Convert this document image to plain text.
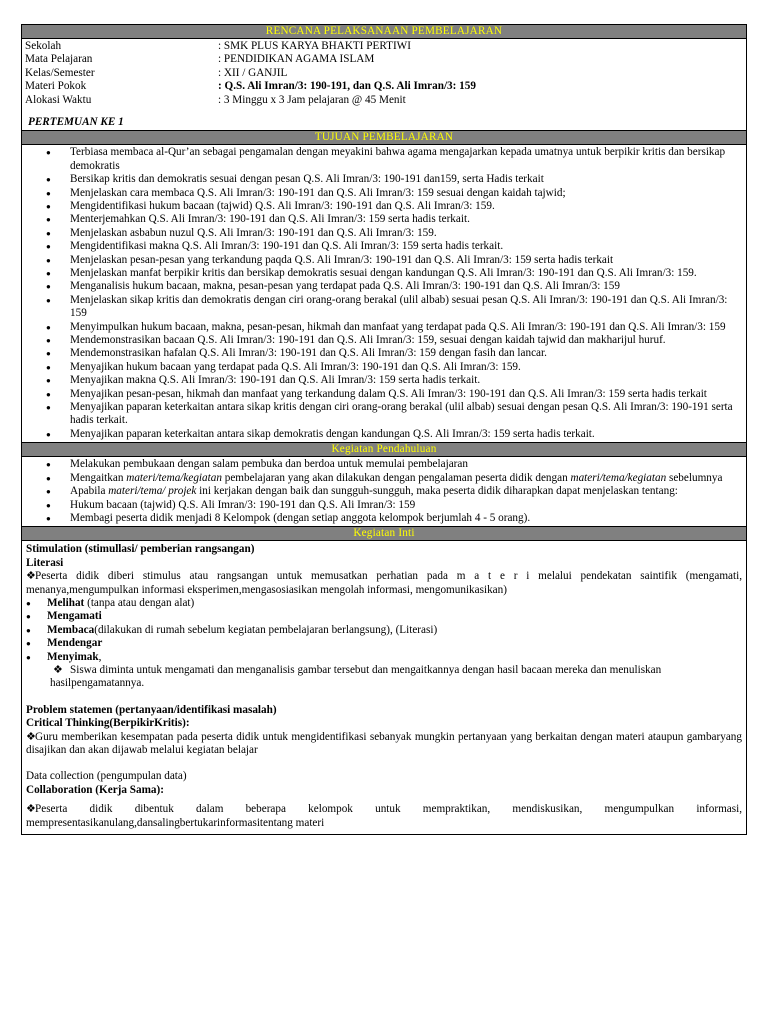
RENCANA PELAKSANAAN PEMBELAJARAN
Sekolah	: SMK PLUS KARYA BHAKTI PERTIWI
Mata Pelajaran	: PENDIDIKAN AGAMA ISLAM
Kelas/Semester	: XII / GANJIL
Materi Pokok	: Q.S. Ali Imran/3: 190-191, dan Q.S. Ali Imran/3: 159
Alokasi Waktu	: 3 Minggu x 3 Jam pelajaran @ 45 Menit
PERTEMUAN KE 1
TUJUAN PEMBELAJARAN
● Terbiasa membaca al-Qur’an sebagai pengamalan dengan meyakini bahwa agama mengajarkan kepada umatnya untuk berpikir kritis dan bersikap demokratis
● Bersikap kritis dan demokratis sesuai dengan pesan Q.S. Ali Imran/3: 190-191 dan159, serta Hadis terkait
● Menjelaskan cara membaca Q.S. Ali Imran/3: 190-191 dan Q.S. Ali Imran/3: 159 sesuai dengan kaidah tajwid;
● Mengidentifikasi hukum bacaan (tajwid) Q.S. Ali Imran/3: 190-191 dan Q.S. Ali Imran/3: 159.
● Menterjemahkan Q.S. Ali Imran/3: 190-191 dan Q.S. Ali Imran/3: 159 serta hadis terkait.
● Menjelaskan asbabun nuzul Q.S. Ali Imran/3: 190-191 dan Q.S. Ali Imran/3: 159.
● Mengidentifikasi makna Q.S. Ali Imran/3: 190-191 dan Q.S. Ali Imran/3: 159 serta hadis terkait.
● Menjelaskan pesan-pesan yang terkandung paqda Q.S. Ali Imran/3: 190-191 dan Q.S. Ali Imran/3: 159 serta hadis terkait
● Menjelaskan manfat berpikir kritis dan bersikap demokratis sesuai dengan kandungan Q.S. Ali Imran/3: 190-191 dan Q.S. Ali Imran/3: 159.
● Menganalisis hukum bacaan, makna, pesan-pesan yang terdapat pada Q.S. Ali Imran/3: 190-191 dan Q.S. Ali Imran/3: 159
● Menjelaskan sikap kritis dan demokratis dengan ciri orang-orang berakal (ulil albab) sesuai pesan Q.S. Ali Imran/3: 190-191 dan Q.S. Ali Imran/3: 159
● Menyimpulkan hukum bacaan, makna, pesan-pesan, hikmah dan manfaat yang terdapat pada Q.S. Ali Imran/3: 190-191 dan Q.S. Ali Imran/3: 159
● Mendemonstrasikan bacaan Q.S. Ali Imran/3: 190-191 dan Q.S. Ali Imran/3: 159, sesuai dengan kaidah tajwid dan makharijul huruf.
● Mendemonstrasikan hafalan Q.S. Ali Imran/3: 190-191 dan Q.S. Ali Imran/3: 159 dengan fasih dan lancar.
● Menyajikan hukum bacaan yang terdapat pada Q.S. Ali Imran/3: 190-191 dan Q.S. Ali Imran/3: 159.
● Menyajikan makna Q.S. Ali Imran/3: 190-191 dan Q.S. Ali Imran/3: 159 serta hadis terkait.
● Menyajikan pesan-pesan, hikmah dan manfaat yang terkandung dalam Q.S. Ali Imran/3: 190-191 dan Q.S. Ali Imran/3: 159 serta hadis terkait
● Menyajikan paparan keterkaitan antara sikap kritis dengan ciri orang-orang berakal (ulil albab) sesuai dengan pesan Q.S. Ali Imran/3: 190-191 serta hadis terkait.
● Menyajikan paparan keterkaitan antara sikap demokratis dengan kandungan Q.S. Ali Imran/3: 159 serta hadis terkait.
Kegiatan Pendahuluan
● Melakukan pembukaan dengan salam pembuka dan berdoa untuk memulai pembelajaran
● Mengaitkan materi/tema/kegiatan pembelajaran yang akan dilakukan dengan pengalaman peserta didik dengan materi/tema/kegiatan sebelumnya
● Apabila materi/tema/ projek ini kerjakan dengan baik dan sungguh-sungguh, maka peserta didik diharapkan dapat menjelaskan tentang:
● Hukum bacaan (tajwid) Q.S. Ali Imran/3: 190-191 dan Q.S. Ali Imran/3: 159
● Membagi peserta didik menjadi 8 Kelompok (dengan setiap anggota kelompok berjumlah 4 - 5 orang).
Kegiatan Inti
Stimulation (stimullasi/ pemberian rangsangan)
Literasi
❖Peserta didik diberi stimulus atau rangsangan untuk memusatkan perhatian pada m a t e r i melalui pendekatan saintifik (mengamati, menanya,mengumpulkan informasi eksperimen,mengasosiasikan mengolah informasi, mengomunikasikan)
● Melihat (tanpa atau dengan alat)
● Mengamati
● Membaca(dilakukan di rumah sebelum kegiatan pembelajaran berlangsung), (Literasi)
● Mendengar
● Menyimak,
❖ Siswa diminta untuk mengamati dan menganalisis gambar tersebut dan mengaitkannya dengan hasil bacaan mereka dan menuliskan hasilpengamatannya.
Problem statemen (pertanyaan/identifikasi masalah)
Critical Thinking(BerpikirKritis):
❖Guru memberikan kesempatan pada peserta didik untuk mengidentifikasi sebanyak mungkin pertanyaan yang berkaitan dengan materi ataupun gambaryang disajikan dan akan dijawab melalui kegiatan belajar
Data collection (pengumpulan data)
Collaboration (Kerja Sama):
❖Peserta didik dibentuk dalam beberapa kelompok untuk mempraktikan, mendiskusikan, mengumpulkan informasi,
mempresentasikanulang,dansalingbertukarinformasitentang materi
